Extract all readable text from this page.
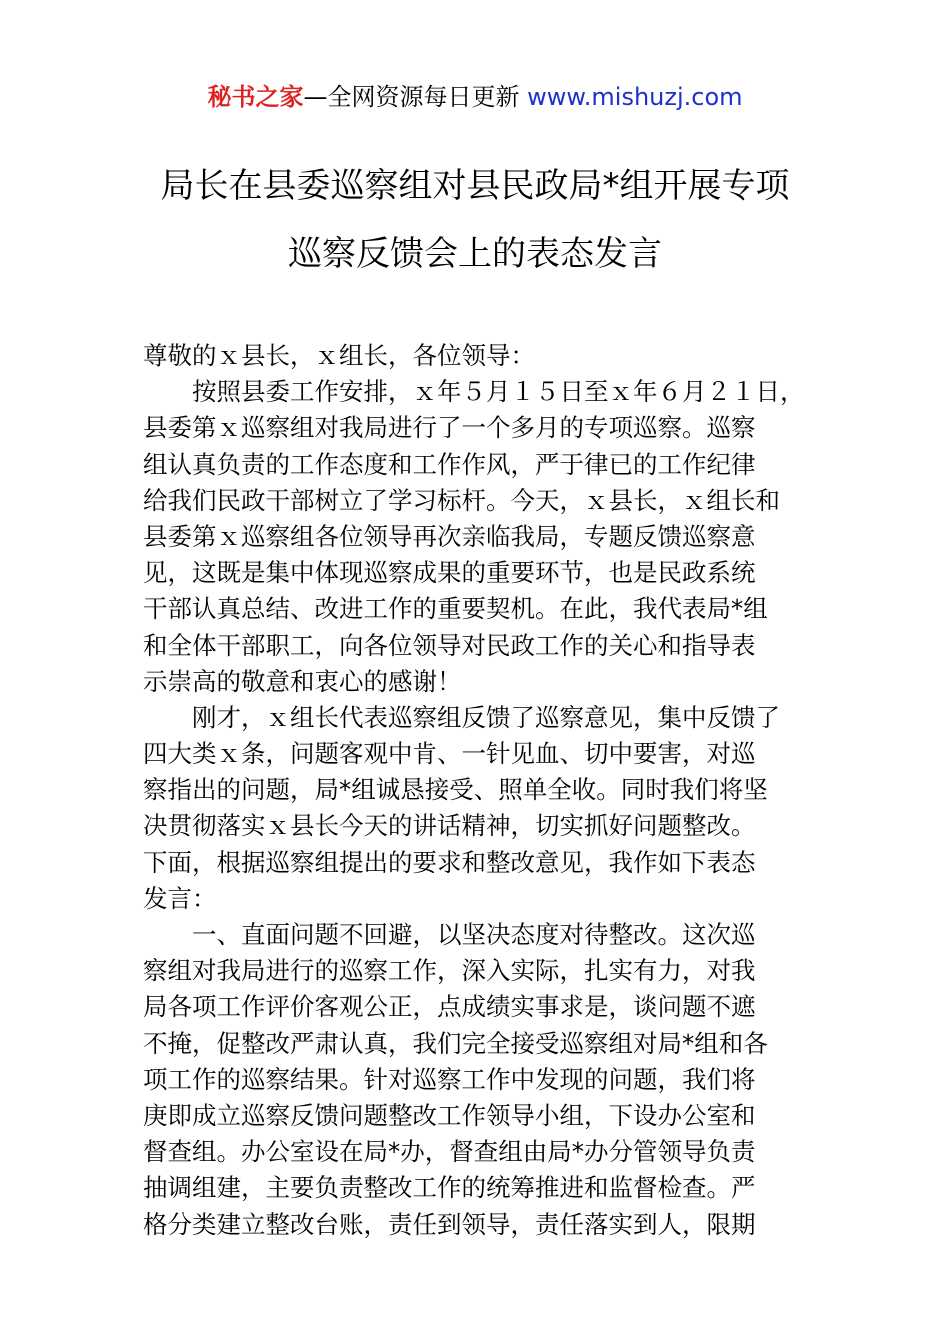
秘书之家—全网资源每日更新 www.mishuzj.com
局长在县委巡察组对县民政局*组开展专项
巡察反馈会上的表态发言
尊敬的ｘ县长，ｘ组长，各位领导：
　　按照县委工作安排，ｘ年５月１５日至ｘ年６月２１日，
县委第ｘ巡察组对我局进行了一个多月的专项巡察。巡察
组认真负责的工作态度和工作作风，严于律已的工作纪律
给我们民政干部树立了学习标杆。今天，ｘ县长，ｘ组长和
县委第ｘ巡察组各位领导再次亲临我局，专题反馈巡察意
见，这既是集中体现巡察成果的重要环节，也是民政系统
干部认真总结、改进工作的重要契机。在此，我代表局*组
和全体干部职工，向各位领导对民政工作的关心和指导表
示崇高的敬意和衷心的感谢！
　　刚才，ｘ组长代表巡察组反馈了巡察意见，集中反馈了
四大类ｘ条，问题客观中肯、一针见血、切中要害，对巡
察指出的问题，局*组诚恳接受、照单全收。同时我们将坚
决贯彻落实ｘ县长今天的讲话精神，切实抓好问题整改。
下面，根据巡察组提出的要求和整改意见，我作如下表态
发言：
　　一、直面问题不回避，以坚决态度对待整改。这次巡
察组对我局进行的巡察工作，深入实际，扎实有力，对我
局各项工作评价客观公正，点成绩实事求是，谈问题不遮
不掩，促整改严肃认真，我们完全接受巡察组对局*组和各
项工作的巡察结果。针对巡察工作中发现的问题，我们将
庚即成立巡察反馈问题整改工作领导小组，下设办公室和
督查组。办公室设在局*办，督查组由局*办分管领导负责
抽调组建，主要负责整改工作的统筹推进和监督检查。严
格分类建立整改台账，责任到领导，责任落实到人，限期
